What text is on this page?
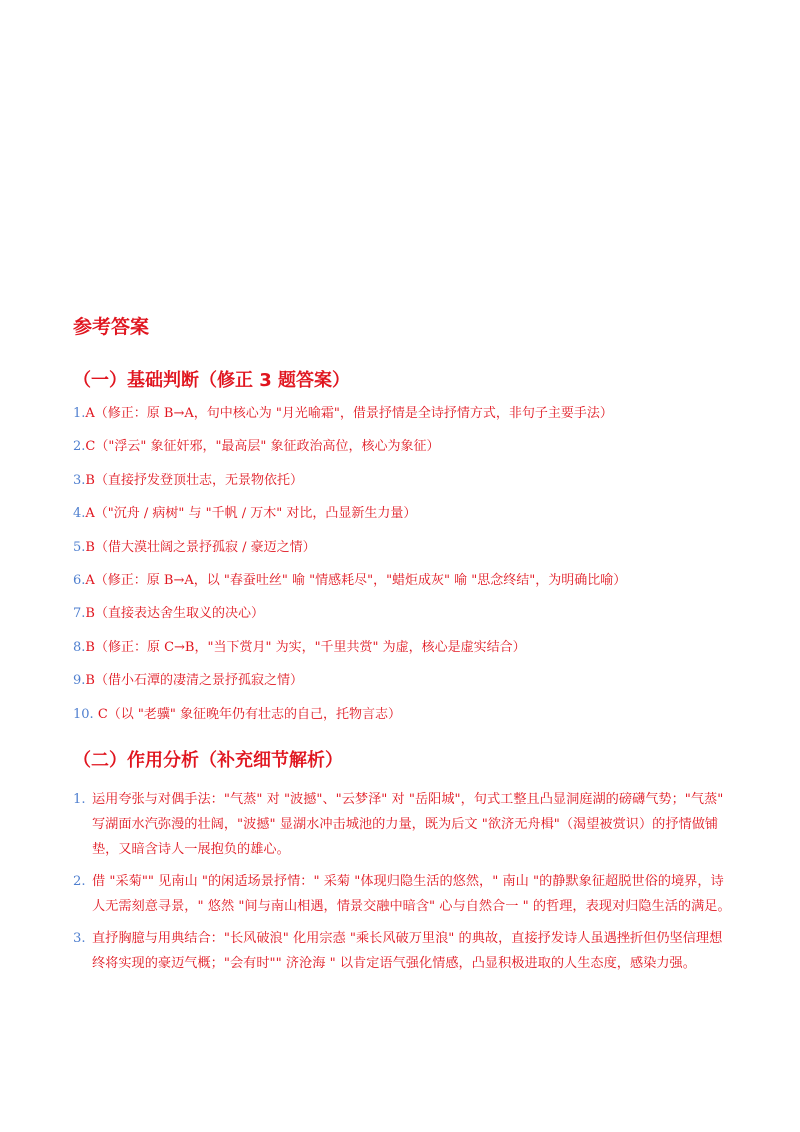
参考答案
（一）基础判断（修正 3 题答案）
1.A（修正：原 B→A，句中核心为 "月光喻霜"，借景抒情是全诗抒情方式，非句子主要手法）
2.C（"浮云" 象征奸邪，"最高层" 象征政治高位，核心为象征）
3.B（直接抒发登顶壮志，无景物依托）
4.A（"沉舟 / 病树" 与 "千帆 / 万木" 对比，凸显新生力量）
5.B（借大漠壮阔之景抒孤寂 / 豪迈之情）
6.A（修正：原 B→A，以 "春蚕吐丝" 喻 "情感耗尽"，"蜡炬成灰" 喻 "思念终结"，为明确比喻）
7.B（直接表达舍生取义的决心）
8.B（修正：原 C→B，"当下赏月" 为实，"千里共赏" 为虚，核心是虚实结合）
9.B（借小石潭的凄清之景抒孤寂之情）
10. C（以 "老骥" 象征晚年仍有壮志的自己，托物言志）
（二）作用分析（补充细节解析）
1. 运用夸张与对偶手法："气蒸" 对 "波撼"、"云梦泽" 对 "岳阳城"，句式工整且凸显洞庭湖的磅礴气势；"气蒸" 写湖面水汽弥漫的壮阔，"波撼" 显湖水冲击城池的力量，既为后文 "欲济无舟楫"（渴望被赏识）的抒情做铺垫，又暗含诗人一展抱负的雄心。
2. 借 "采菊"" 见南山 "的闲适场景抒情：" 采菊 "体现归隐生活的悠然，" 南山 "的静默象征超脱世俗的境界，诗人无需刻意寻景，" 悠然 "间与南山相遇，情景交融中暗含" 心与自然合一 " 的哲理，表现对归隐生活的满足。
3. 直抒胸臆与用典结合："长风破浪" 化用宗悫 "乘长风破万里浪" 的典故，直接抒发诗人虽遇挫折但仍坚信理想终将实现的豪迈气概；"会有时"" 济沧海 " 以肯定语气强化情感，凸显积极进取的人生态度，感染力强。
